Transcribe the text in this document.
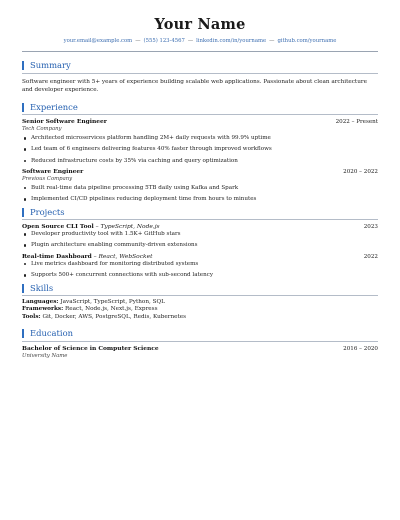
Your Name
your.email@example.com — (555) 123-4567 — linkedin.com/in/yourname — github.com/yourname
Summary
Software engineer with 5+ years of experience building scalable web applications. Passionate about clean architecture and developer experience.
Experience
Senior Software Engineer	2022 – Present
Tech Company
Architected microservices platform handling 2M+ daily requests with 99.9% uptime
Led team of 6 engineers delivering features 40% faster through improved workflows
Reduced infrastructure costs by 35% via caching and query optimization
Software Engineer	2020 – 2022
Previous Company
Built real-time data pipeline processing 5TB daily using Kafka and Spark
Implemented CI/CD pipelines reducing deployment time from hours to minutes
Projects
Open Source CLI Tool – TypeScript, Node.js	2023
Developer productivity tool with 1.5K+ GitHub stars
Plugin architecture enabling community-driven extensions
Real-time Dashboard – React, WebSocket	2022
Live metrics dashboard for monitoring distributed systems
Supports 500+ concurrent connections with sub-second latency
Skills
Languages: JavaScript, TypeScript, Python, SQL
Frameworks: React, Node.js, Next.js, Express
Tools: Git, Docker, AWS, PostgreSQL, Redis, Kubernetes
Education
Bachelor of Science in Computer Science	2016 – 2020
University Name
